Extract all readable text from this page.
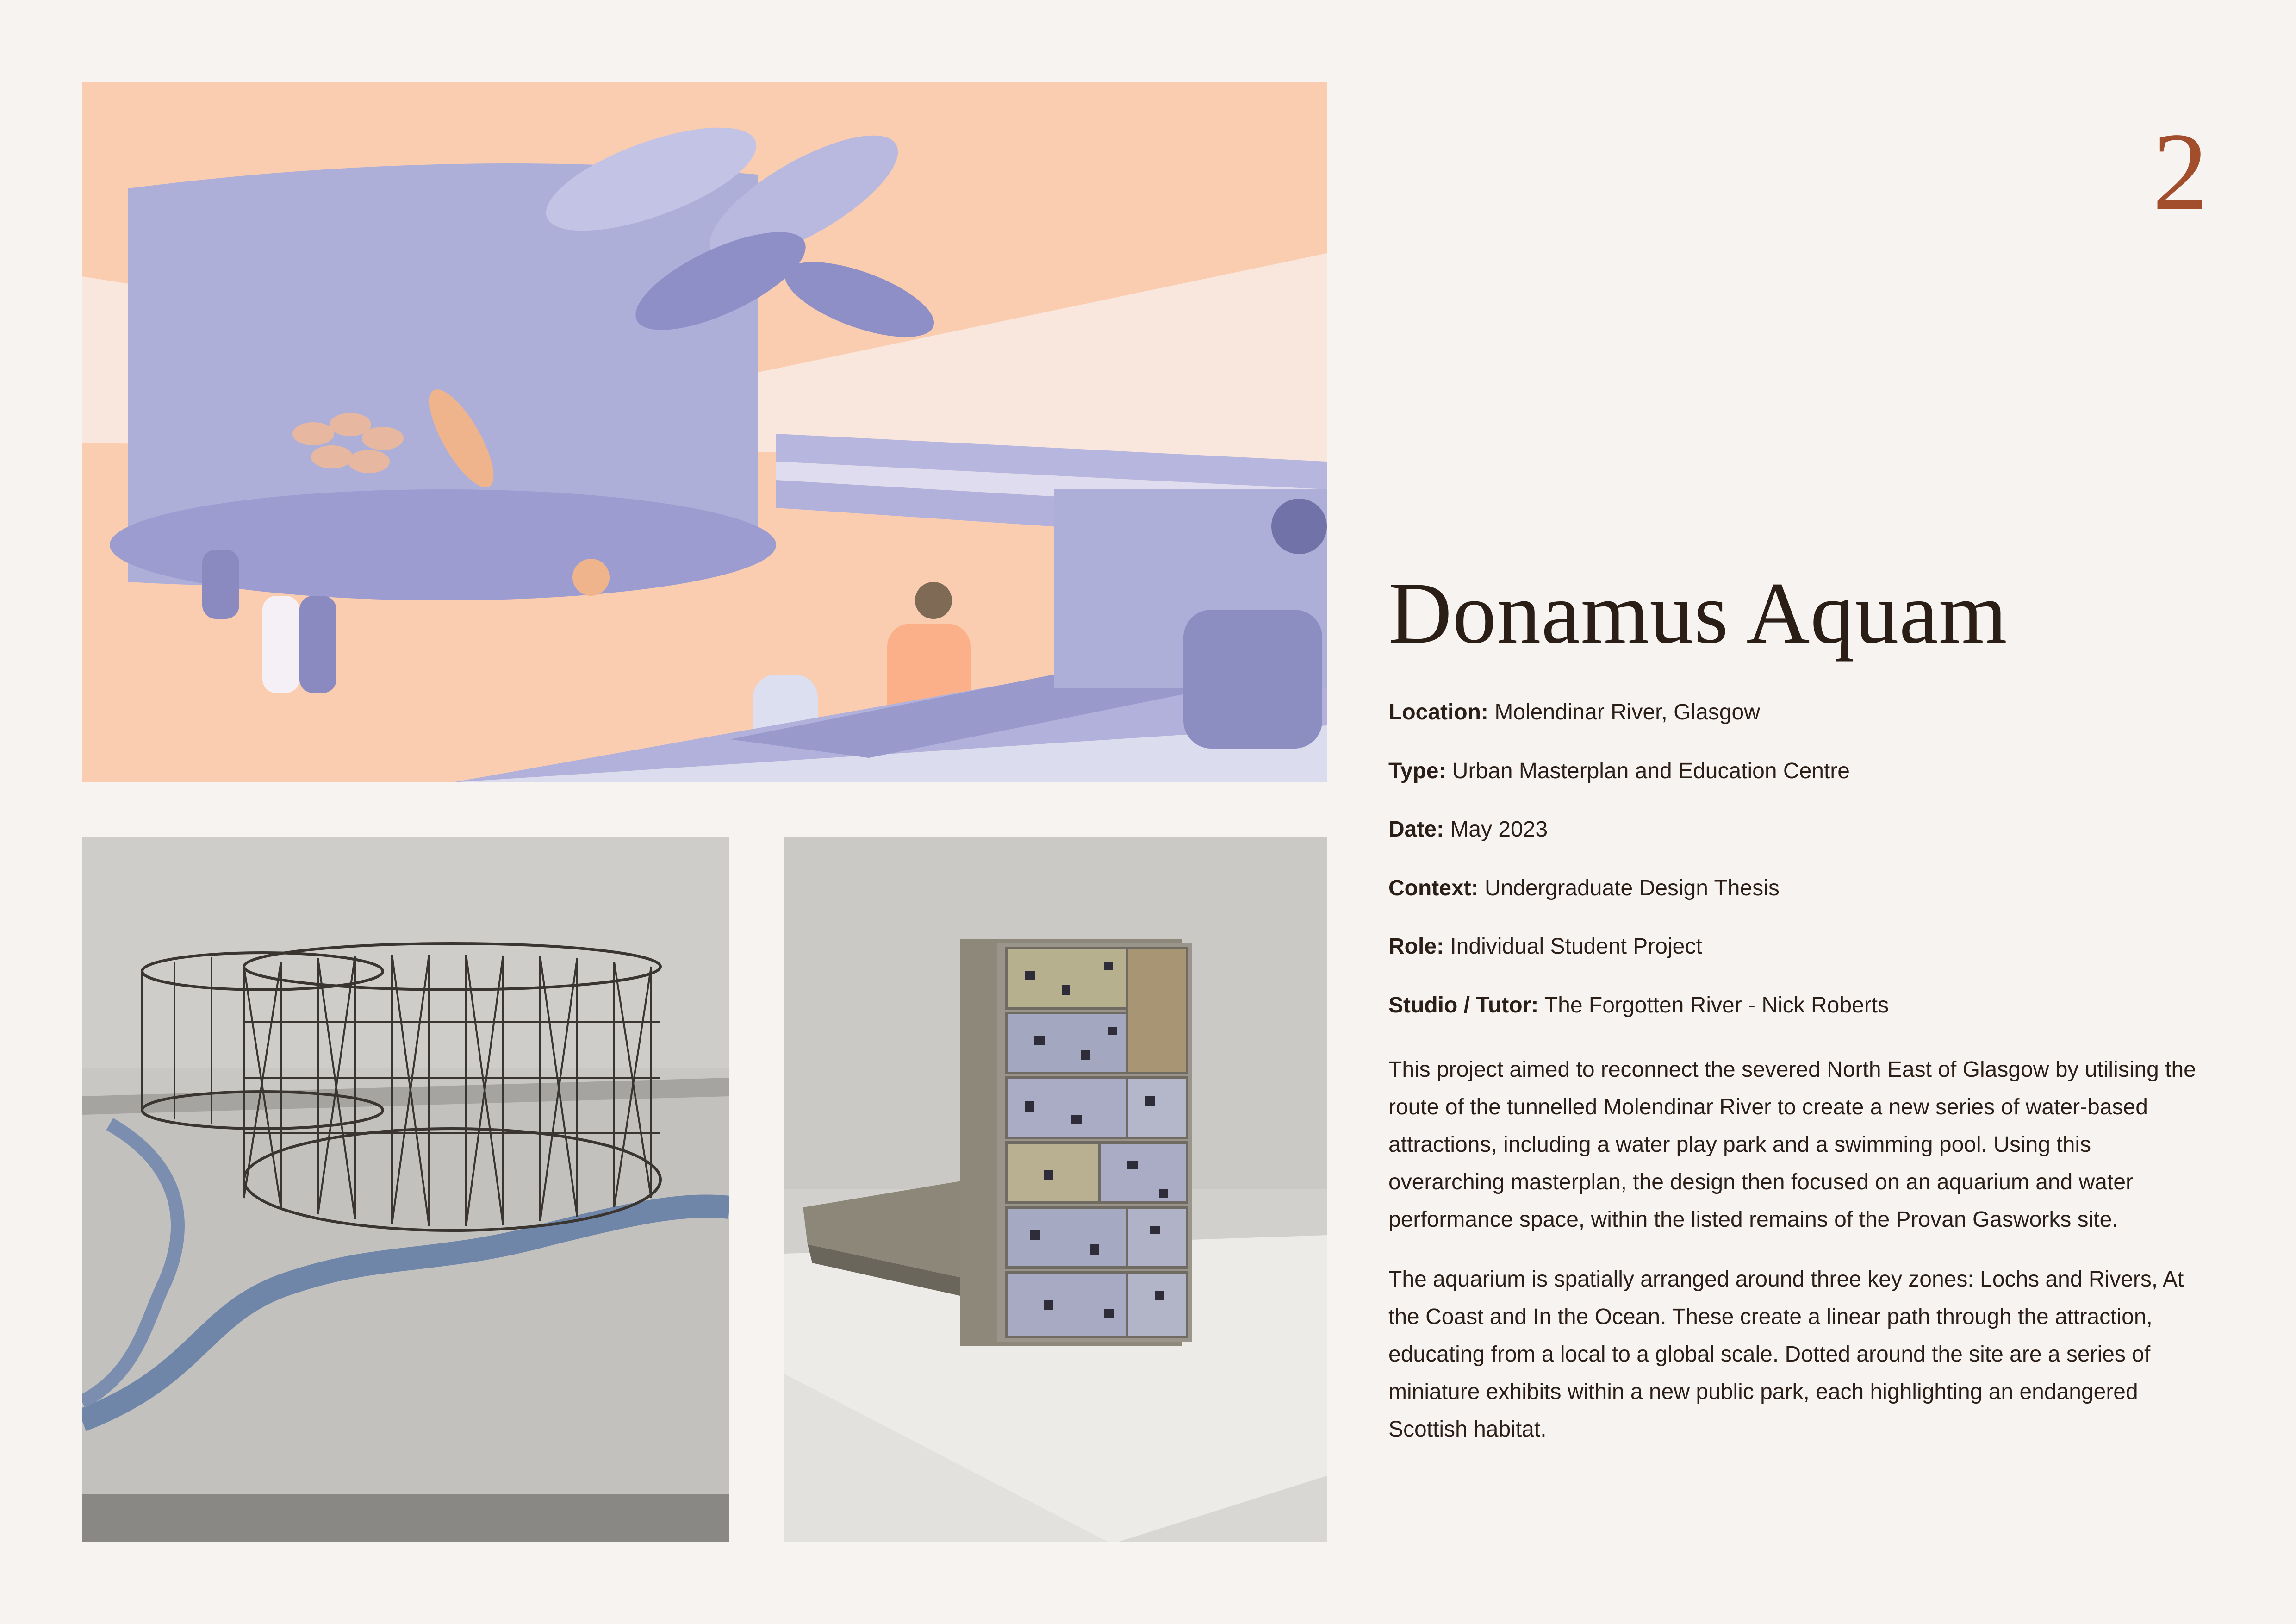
2
Donamus Aquam
Location: Molendinar River, Glasgow
Type: Urban Masterplan and Education Centre
Date: May 2023
Context: Undergraduate Design Thesis
Role: Individual Student Project
Studio / Tutor: The Forgotten River - Nick Roberts

This project aimed to reconnect the severed North East of Glasgow by utilising the route of the tunnelled Molendinar River to create a new series of water-based attractions, including a water play park and a swimming pool. Using this overarching masterplan, the design then focused on an aquarium and water performance space, within the listed remains of the Provan Gasworks site.

The aquarium is spatially arranged around three key zones: Lochs and Rivers, At the Coast and In the Ocean. These create a linear path through the attraction, educating from a local to a global scale. Dotted around the site are a series of miniature exhibits within a new public park, each highlighting an endangered Scottish habitat.
